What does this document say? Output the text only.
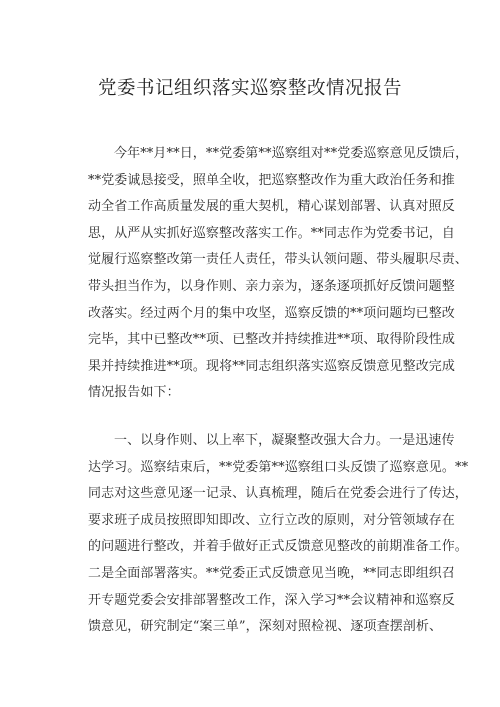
党委书记组织落实巡察整改情况报告

今年**月**日，**党委第**巡察组对**党委巡察意见反馈后，
**党委诚恳接受，照单全收，把巡察整改作为重大政治任务和推
动全省工作高质量发展的重大契机，精心谋划部署、认真对照反
思，从严从实抓好巡察整改落实工作。**同志作为党委书记，自
觉履行巡察整改第一责任人责任，带头认领问题、带头履职尽责、
带头担当作为，以身作则、亲力亲为，逐条逐项抓好反馈问题整
改落实。经过两个月的集中攻坚，巡察反馈的**项问题均已整改
完毕，其中已整改**项、已整改并持续推进**项、取得阶段性成
果并持续推进**项。现将**同志组织落实巡察反馈意见整改完成
情况报告如下：

一、以身作则、以上率下，凝聚整改强大合力。一是迅速传
达学习。巡察结束后，**党委第**巡察组口头反馈了巡察意见。**
同志对这些意见逐一记录、认真梳理，随后在党委会进行了传达，
要求班子成员按照即知即改、立行立改的原则，对分管领域存在
的问题进行整改，并着手做好正式反馈意见整改的前期准备工作。
二是全面部署落实。**党委正式反馈意见当晚，**同志即组织召
开专题党委会安排部署整改工作，深入学习**会议精神和巡察反
馈意见，研究制定“案三单”，深刻对照检视、逐项查摆剖析、
